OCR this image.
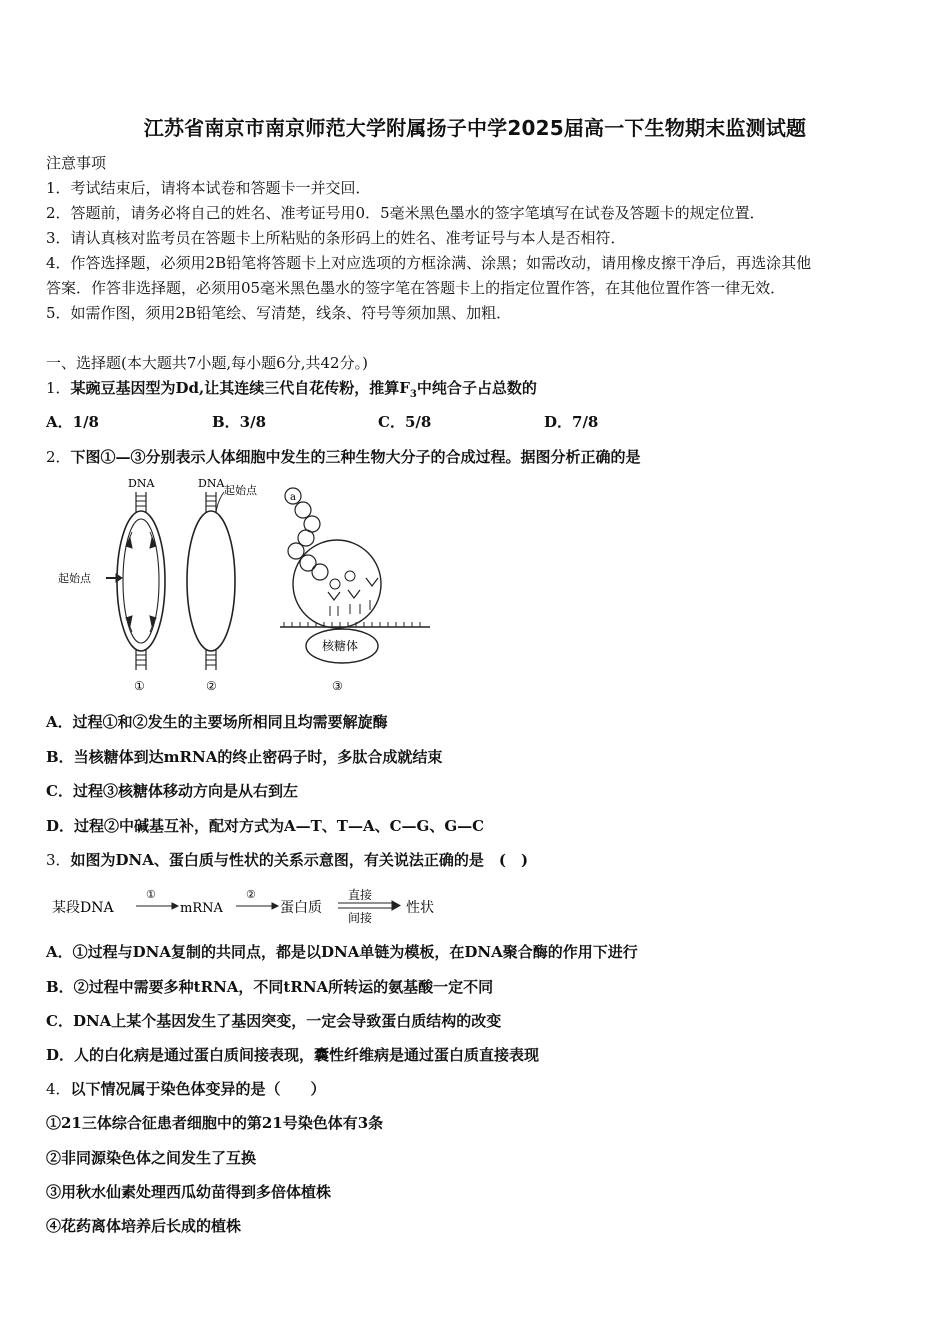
江苏省南京市南京师范大学附属扬子中学2025届高一下生物期末监测试题
注意事项
1．考试结束后，请将本试卷和答题卡一并交回．
2．答题前，请务必将自己的姓名、准考证号用0．5毫米黑色墨水的签字笔填写在试卷及答题卡的规定位置．
3．请认真核对监考员在答题卡上所粘贴的条形码上的姓名、准考证号与本人是否相符．
4．作答选择题，必须用2B铅笔将答题卡上对应选项的方框涂满、涂黑；如需改动，请用橡皮擦干净后，再选涂其他
答案．作答非选择题，必须用05毫米黑色墨水的签字笔在答题卡上的指定位置作答，在其他位置作答一律无效．
5．如需作图，须用2B铅笔绘、写清楚，线条、符号等须加黑、加粗．
一、选择题(本大题共7小题,每小题6分,共42分。)
1．某豌豆基因型为Dd,让其连续三代自花传粉，推算$F_3$中纯合子占总数的
A．1/8	B．3/8	C．5/8	D．7/8
2．下图①—③分别表示人体细胞中发生的三种生物大分子的合成过程。据图分析正确的是
DNA
起始点
①
DNA
起始点
②
a
核糖体
③
A．过程①和②发生的主要场所相同且均需要解旋酶
B．当核糖体到达mRNA的终止密码子时，多肽合成就结束
C．过程③核糖体移动方向是从右到左
D．过程②中碱基互补，配对方式为A—T、T—A、C—G、G—C
3．如图为DNA、蛋白质与性状的关系示意图，有关说法正确的是　(　)
某段DNA
①
mRNA
②
蛋白质
直接
间接
性状
A．①过程与DNA复制的共同点，都是以DNA单链为模板，在DNA聚合酶的作用下进行
B．②过程中需要多种tRNA，不同tRNA所转运的氨基酸一定不同
C．DNA上某个基因发生了基因突变，一定会导致蛋白质结构的改变
D．人的白化病是通过蛋白质间接表现，囊性纤维病是通过蛋白质直接表现
4．以下情况属于染色体变异的是（　　）
①21三体综合征患者细胞中的第21号染色体有3条
②非同源染色体之间发生了互换
③用秋水仙素处理西瓜幼苗得到多倍体植株
④花药离体培养后长成的植株
